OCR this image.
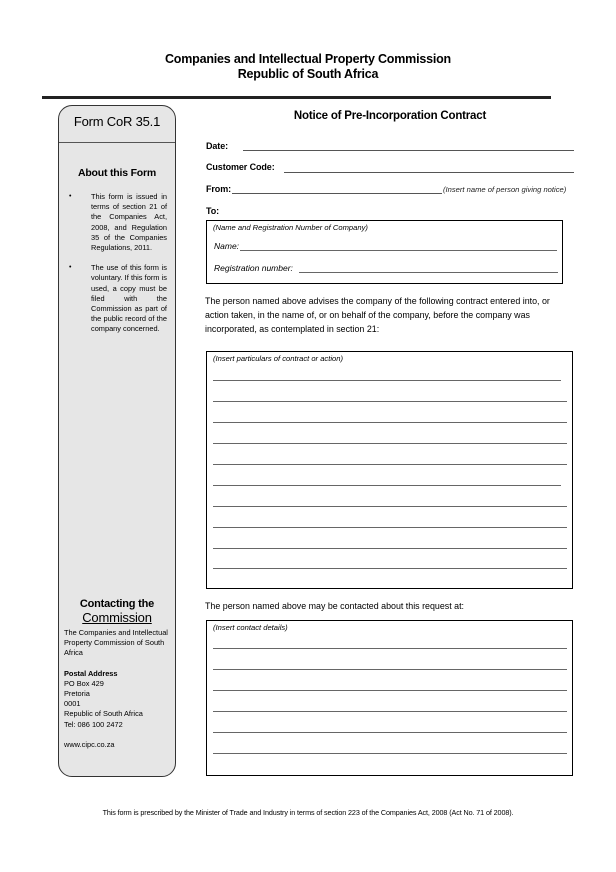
Companies and Intellectual Property Commission
Republic of South Africa
Form CoR 35.1
About this Form
•	This form is issued in terms of section 21 of the Companies Act, 2008, and Regulation 35 of the Companies Regulations, 2011.
•	The use of this form is voluntary. If this form is used, a copy must be filed with the Commission as part of the public record of the company concerned.
Contacting the
Commission
The Companies and Intellectual Property Commission of South Africa
Postal Address
PO Box 429
Pretoria
0001
Republic of South Africa
Tel: 086 100 2472
www.cipc.co.za
Notice of Pre-Incorporation Contract
Date:
Customer Code:
From:	(Insert name of person giving notice)
To:
(Name and Registration Number of Company)
Name:
Registration number:
The person named above advises the company of the following contract entered into, or action taken, in the name of, or on behalf of the company, before the company was incorporated, as contemplated in section 21:
(Insert particulars of contract or action)
The person named above may be contacted about this request at:
(Insert contact details)
This form is prescribed by the Minister of Trade and Industry in terms of section 223 of the Companies Act, 2008 (Act No. 71 of 2008).
